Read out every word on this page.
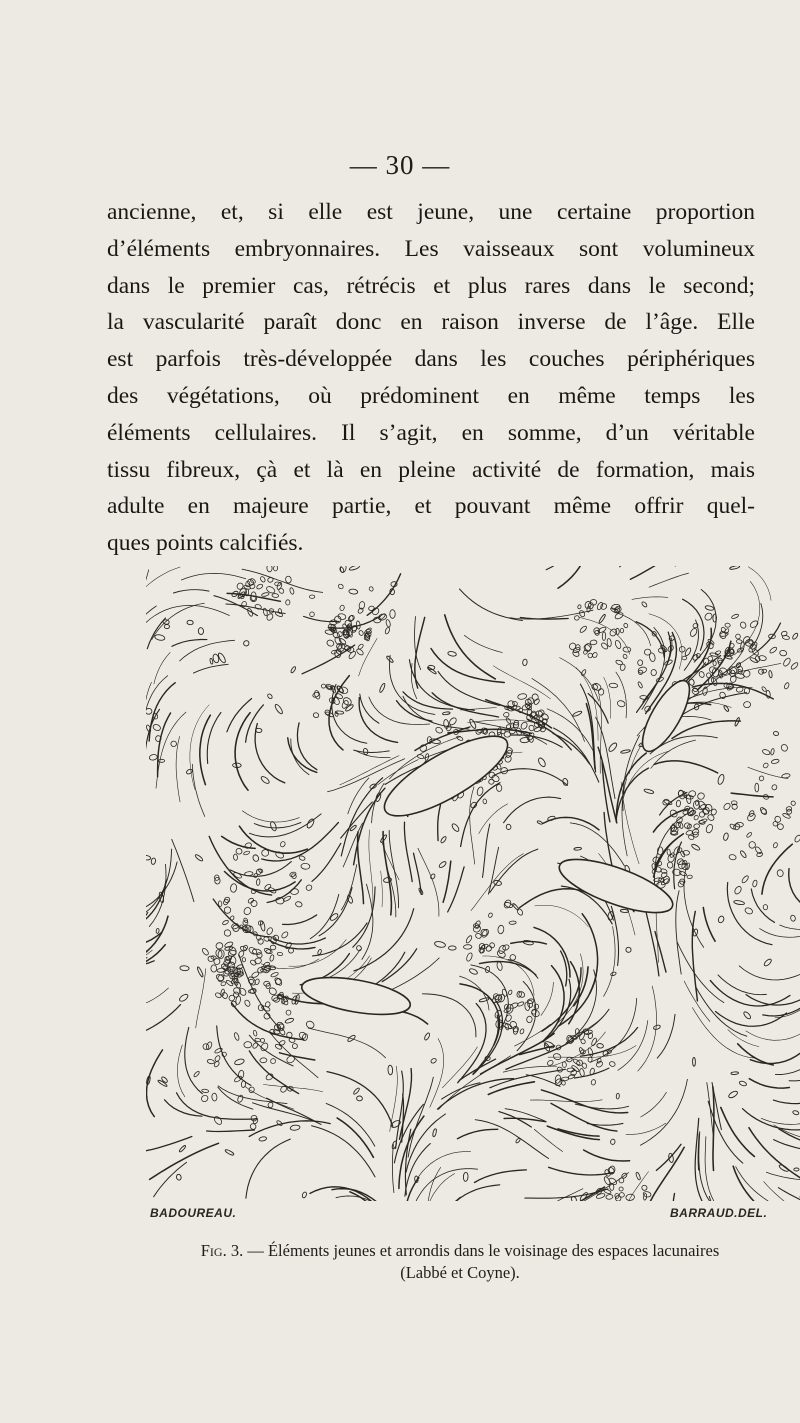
— 30 —
ancienne, et, si elle est jeune, une certaine proportion
d’éléments embryonnaires. Les vaisseaux sont volumineux
dans le premier cas, rétrécis et plus rares dans le second;
la vascularité paraît donc en raison inverse de l’âge. Elle
est parfois très-développée dans les couches périphériques
des végétations, où prédominent en même temps les
éléments cellulaires. Il s’agit, en somme, d’un véritable
tissu fibreux, çà et là en pleine activité de formation, mais
adulte en majeure partie, et pouvant même offrir quel-
ques points calcifiés.
BADOUREAU.	BARRAUD.DEL.
Fig. 3. — Éléments jeunes et arrondis dans le voisinage des espaces lacunaires
(Labbé et Coyne).
